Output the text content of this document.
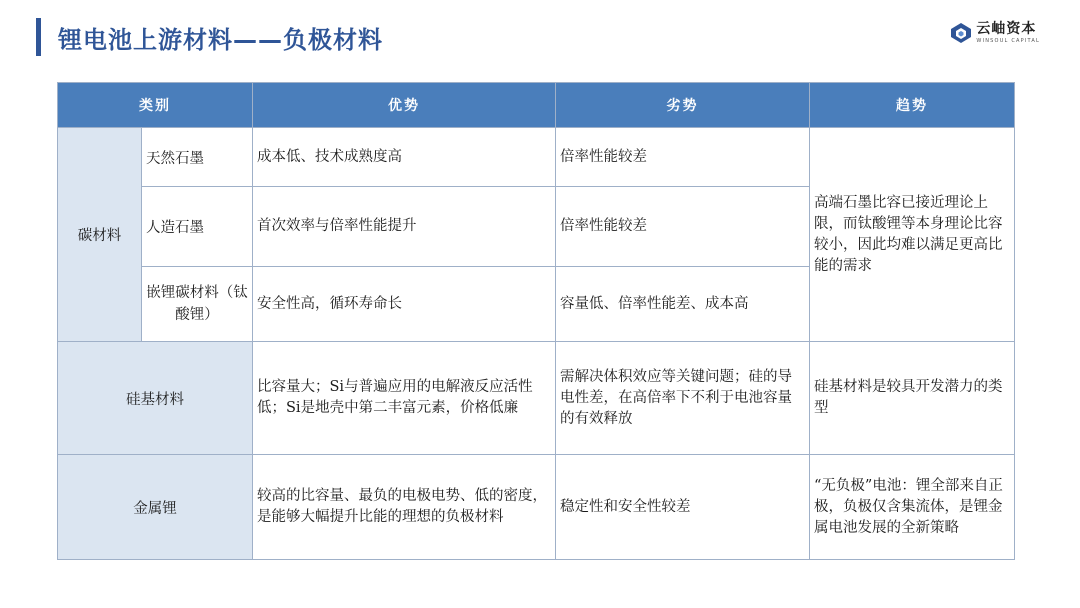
锂电池上游材料——负极材料	云岫资本
WINSOUL CAPITAL
类别		优势	劣势	趋势
碳材料	天然石墨	成本低、技术成熟度高	倍率性能较差	高端石墨比容已接近理论上限，而钛酸锂等本身理论比容较小，因此均难以满足更高比能的需求
	人造石墨	首次效率与倍率性能提升	倍率性能较差	
	嵌锂碳材料（钛酸锂）	安全性高，循环寿命长	容量低、倍率性能差、成本高	
硅基材料		比容量大；Si与普遍应用的电解液反应活性低；Si是地壳中第二丰富元素，价格低廉	需解决体积效应等关键问题；硅的导电性差，在高倍率下不利于电池容量的有效释放	硅基材料是较具开发潜力的类型
金属锂		较高的比容量、最负的电极电势、低的密度，是能够大幅提升比能的理想的负极材料	稳定性和安全性较差	“无负极”电池：锂全部来自正极，负极仅含集流体，是锂金属电池发展的全新策略
